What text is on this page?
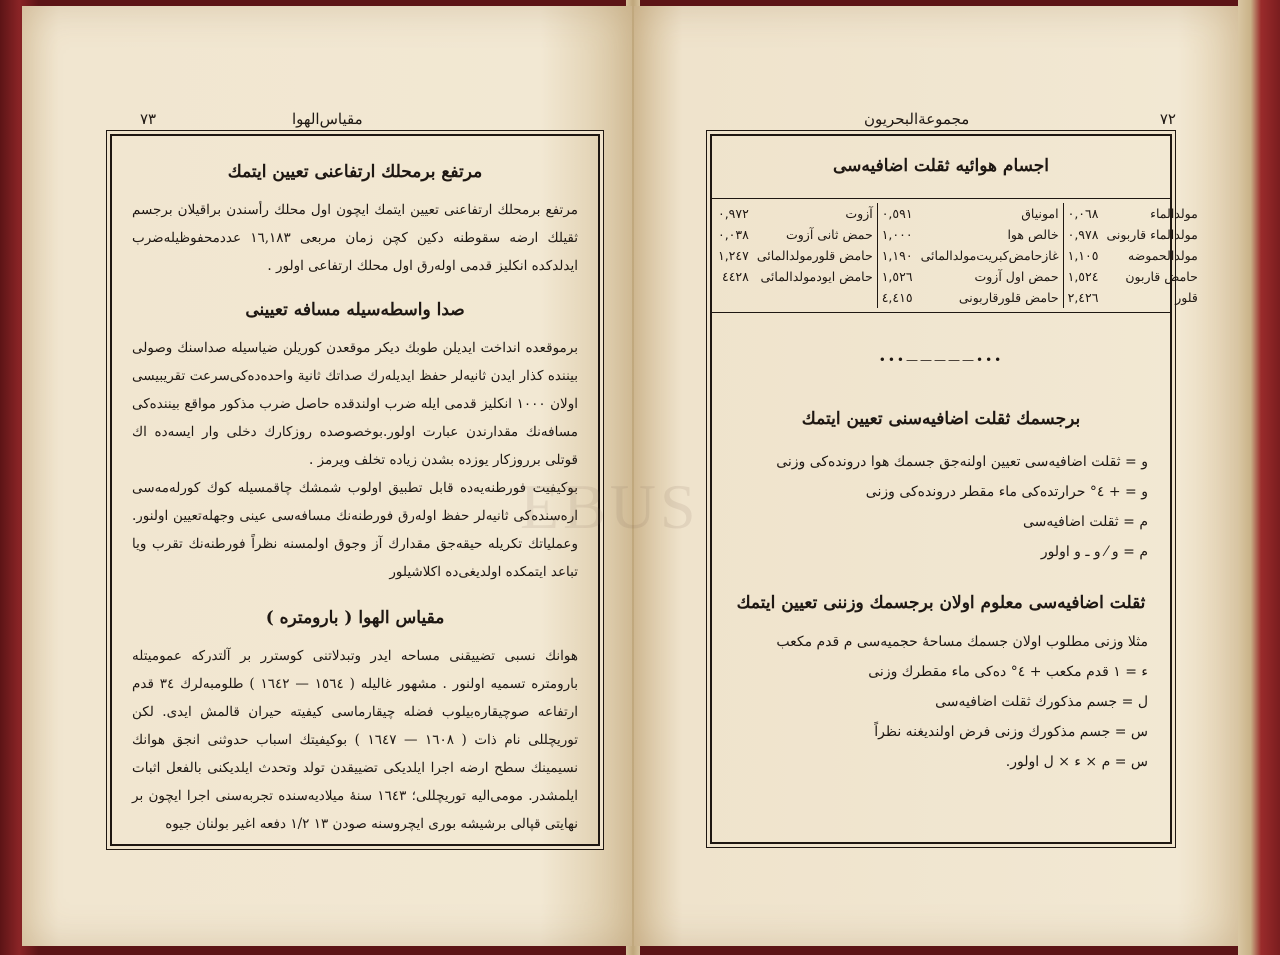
مقياس‌الهوا
٧٣
مرتفع برمحلك ارتفاعنى تعيين ايتمك
مرتفع برمحلك ارتفاعنى تعيين ايتمك ايچون اول محلك رأسندن براقيلان برجسم ثقيلك ارضه سقوطنه دكين كچن زمان مربعى ١٦,١٨٣ عددمحفوظيله‌ضرب ايدلدكده انكليز قدمى اوله‌رق اول محلك ارتفاعى اولور .
صدا واسطه‌سيله مسافه تعيينى
برموقعده انداخت ايديلن طوبك ديكر موقعدن كوريلن ضياسيله صداسنك وصولى بيننده كذار ايدن ثانيه‌لر حفظ ايديله‌رك صداتك ثانية واحده‌ده‌كى‌سرعت تقريبيسى اولان ١٠٠٠ انكليز قدمى ايله ضرب اولندقده حاصل ضرب مذكور مواقع بيننده‌كى مسافه‌نك مقدارندن عبارت اولور.بوخصوصده روزكارك دخلى وار ايسه‌ده اك قوتلى برروزكار يوزده بشدن زياده تخلف ويرمز .
بوكيفيت فورطنه‌يه‌ده قابل تطبيق اولوب شمشك چاقمسيله كوك كورله‌مه‌سى اره‌سنده‌كى ثانيه‌لر حفظ اوله‌رق فورطنه‌نك مسافه‌سى عينى وجهله‌تعيين اولنور. وعملياتك تكريله حيقه‌جق مقدارك آز وجوق اولمسنه نظراً فورطنه‌نك تقرب ويا تباعد ايتمكده اولديغى‌ده اكلاشيلور
مقياس الهوا ( بارومتره )
هوانك نسبى تضييقنى مساحه ايدر وتبدلاتنى كوسترر بر آلتدركه عموميتله بارومتره تسميه اولنور . مشهور غاليله ( ١٥٦٤ — ١٦٤٢ ) طلومبه‌لرك ٣٤ قدم ارتفاعه صوچيقاره‌بيلوب فضله چيقارماسى كيفيته حيران قالمش ايدى. لكن توريچللى نام ذات ( ١٦٠٨ — ١٦٤٧ ) بوكيفيتك اسباب حدوثنى انجق هوانك نسيمينك سطح ارضه اجرا ايلديكى تضييقدن تولد وتحدث ايلديكنى بالفعل اثبات ايلمشدر. مومى‌اليه توريچللى؛ ١٦٤٣ سنه‌ٔ ميلاديه‌سنده تجربه‌سنى اجرا ايچون بر نهايتى قپالى برشيشه بورى ايچروسنه صودن ١٣ ١/٢ دفعه اغير بولنان جيوه
٧٢
مجموعة‌البحريون
اجسام هوائيه ثقلت اضافيه‌سى
مولدالماء	٠,٠٦٨	امونياق	٠,٥٩١	آزوت	٠,٩٧٢
مولدالماء قاربونى	٠,٩٧٨	خالص هوا	١,٠٠٠	حمض ثانى آزوت	٠,٠٣٨
مولدالحموضه	١,١٠٥	غازحامض‌كبريت‌مولدالمائى	١,١٩٠	حامض قلورمولدالمائى	١,٢٤٧
حامض قاربون	١,٥٢٤	حمض اول آزوت	١,٥٢٦	حامض ايودمولدالمائى	٤٤٢٨
قلور	٢,٤٢٦	حامض قلورقاربونى	٤,٤١٥		
•••—————•••
برجسمك ثقلت اضافيه‌سنى تعيين ايتمك
و = ثقلت اضافيه‌سى تعيين اولنه‌جق جسمك هوا درونده‌كى وزنى
و = + ٤° حرارتده‌كى ماء مقطر درونده‌كى وزنى
م = ثقلت اضافيه‌سى
م = و ⁄ و ـ و اولور
ثقلت اضافيه‌سى معلوم اولان برجسمك وزننى تعيين ايتمك
مثلا وزنى مطلوب اولان جسمك مساحهٔ حجميه‌سى م قدم مكعب
ء = ١ قدم مكعب + ٤° ده‌كى ماء مقطرك وزنى
ل = جسم مذكورك ثقلت اضافيه‌سى
س = جسم مذكورك وزنى فرض اولنديغنه نظراً
س = م × ء × ل اولور.
EBUS
